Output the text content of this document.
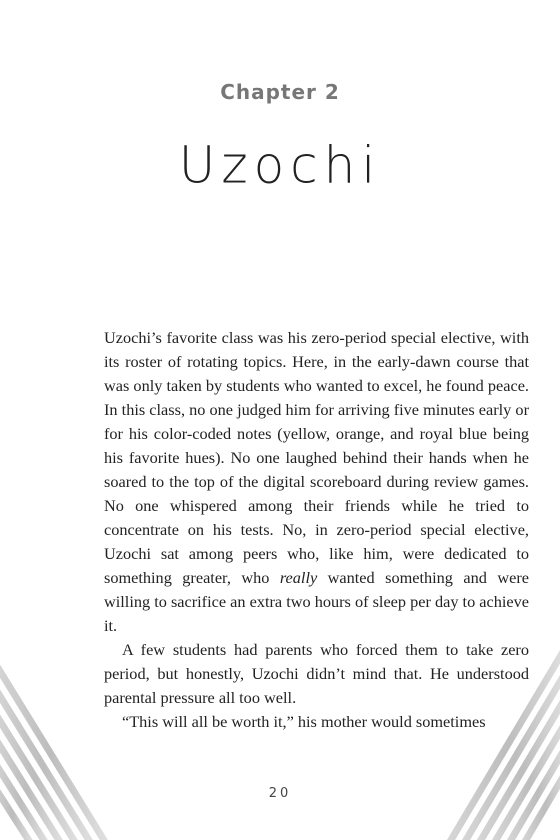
Chapter 2
Uzochi

Uzochi’s favorite class was his zero-period special elective, with its roster of rotating topics. Here, in the early-dawn course that was only taken by students who wanted to excel, he found peace. In this class, no one judged him for arriving five minutes early or for his color-coded notes (yellow, orange, and royal blue being his favorite hues). No one laughed behind their hands when he soared to the top of the digital scoreboard during review games. No one whispered among their friends while he tried to concentrate on his tests. No, in zero-period special elective, Uzochi sat among peers who, like him, were dedicated to something greater, who really wanted something and were willing to sacrifice an extra two hours of sleep per day to achieve it.

A few students had parents who forced them to take zero period, but honestly, Uzochi didn’t mind that. He understood parental pressure all too well.

“This will all be worth it,” his mother would sometimes

20
